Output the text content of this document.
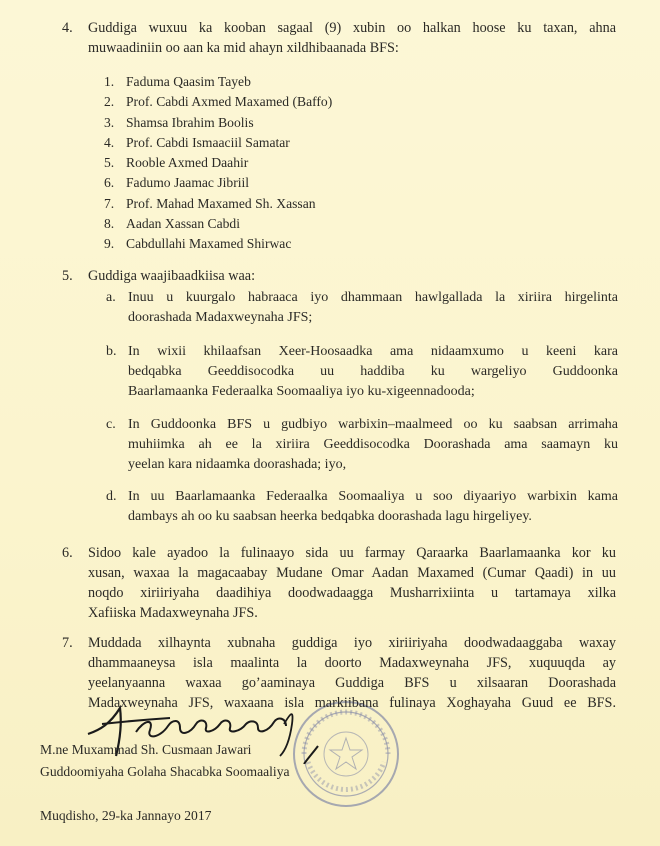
4. Guddiga wuxuu ka kooban sagaal (9) xubin oo halkan hoose ku taxan, ahna
muwaadiniin oo aan ka mid ahayn xildhibaanada BFS:
1. Faduma Qaasim Tayeb
2. Prof. Cabdi Axmed Maxamed (Baffo)
3. Shamsa Ibrahim Boolis
4. Prof. Cabdi Ismaaciil Samatar
5. Rooble Axmed Daahir
6. Fadumo Jaamac Jibriil
7. Prof. Mahad Maxamed Sh. Xassan
8. Aadan Xassan Cabdi
9. Cabdullahi Maxamed Shirwac
5. Guddiga waajibaadkiisa waa:
a. Inuu u kuurgalo habraaca iyo dhammaan hawlgallada la xiriira hirgelinta
doorashada Madaxweynaha JFS;
b. In wixii khilaafsan Xeer-Hoosaadka ama nidaamxumo u keeni kara
bedqabka Geeddisocodka uu haddiba ku wargeliyo Guddoonka
Baarlamaanka Federaalka Soomaaliya iyo ku-xigeennadooda;
c. In Guddoonka BFS u gudbiyo warbixin–maalmeed oo ku saabsan arrimaha
muhiimka ah ee la xiriira Geeddisocodka Doorashada ama saamayn ku
yeelan kara nidaamka doorashada; iyo,
d. In uu Baarlamaanka Federaalka Soomaaliya u soo diyaariyo warbixin kama
dambays ah oo ku saabsan heerka bedqabka doorashada lagu hirgeliyey.
6. Sidoo kale ayadoo la fulinaayo sida uu farmay Qaraarka Baarlamaanka kor ku
xusan, waxaa la magacaabay Mudane Omar Aadan Maxamed (Cumar Qaadi) in uu
noqdo xiriiriyaha daadihiya doodwadaagga Musharrixiinta u tartamaya xilka
Xafiiska Madaxweynaha JFS.
7. Muddada xilhaynta xubnaha guddiga iyo xiriiriyaha doodwadaaggaba waxay
dhammaaneysa isla maalinta la doorto Madaxweynaha JFS, xuquuqda ay
yeelanyaanna waxaa go’aaminaya Guddiga BFS u xilsaaran Doorashada
Madaxweynaha JFS, waxaana isla markiibana fulinaya Xoghayaha Guud ee BFS.
M.ne Muxammad Sh. Cusmaan Jawari
Guddoomiyaha Golaha Shacabka Soomaaliya
Muqdisho, 29-ka Jannayo 2017
